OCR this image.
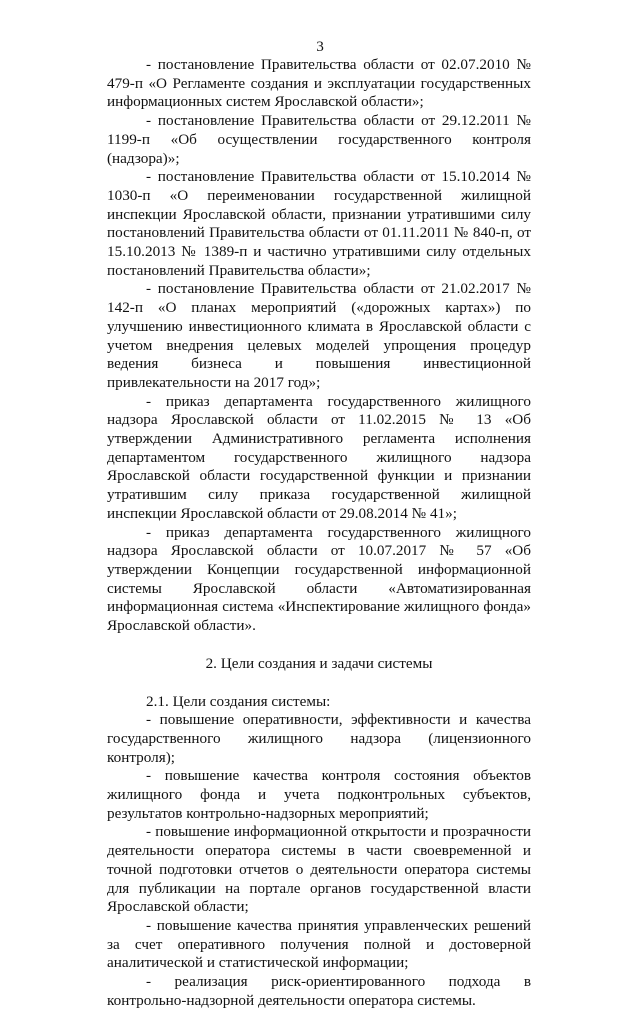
3

- постановление Правительства области от 02.07.2010 № 479-п «О Регламенте создания и эксплуатации государственных информационных систем Ярославской области»;

- постановление Правительства области от 29.12.2011 № 1199-п «Об осуществлении государственного контроля (надзора)»;

- постановление Правительства области от 15.10.2014 № 1030-п «О переименовании государственной жилищной инспекции Ярославской области, признании утратившими силу постановлений Правительства области от 01.11.2011 № 840-п, от 15.10.2013 № 1389-п и частично утратившими силу отдельных постановлений Правительства области»;

- постановление Правительства области от 21.02.2017 № 142-п «О планах мероприятий («дорожных картах») по улучшению инвестиционного климата в Ярославской области с учетом внедрения целевых моделей упрощения процедур ведения бизнеса и повышения инвестиционной привлекательности на 2017 год»;

- приказ департамента государственного жилищного надзора Ярославской области от 11.02.2015 № 13 «Об утверждении Административного регламента исполнения департаментом государственного жилищного надзора Ярославской области государственной функции и признании утратившим силу приказа государственной жилищной инспекции Ярославской области от 29.08.2014 № 41»;

- приказ департамента государственного жилищного надзора Ярославской области от 10.07.2017 № 57 «Об утверждении Концепции государственной информационной системы Ярославской области «Автоматизированная информационная система «Инспектирование жилищного фонда» Ярославской области».

2. Цели создания и задачи системы

2.1. Цели создания системы:

- повышение оперативности, эффективности и качества государственного жилищного надзора (лицензионного контроля);

- повышение качества контроля состояния объектов жилищного фонда и учета подконтрольных субъектов, результатов контрольно-надзорных мероприятий;

- повышение информационной открытости и прозрачности деятельности оператора системы в части своевременной и точной подготовки отчетов о деятельности оператора системы для публикации на портале органов государственной власти Ярославской области;

- повышение качества принятия управленческих решений за счет оперативного получения полной и достоверной аналитической и статистической информации;

- реализация риск-ориентированного подхода в контрольно-надзорной деятельности оператора системы.
